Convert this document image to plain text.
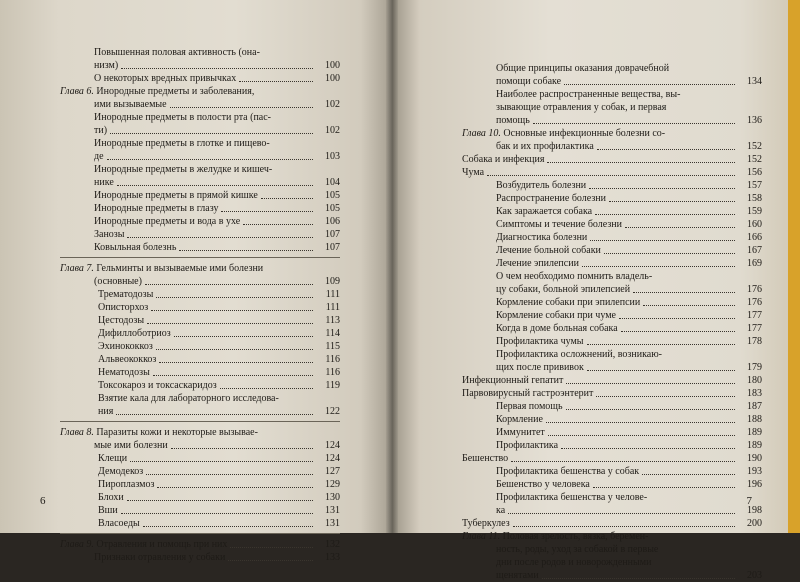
Повышенная половая активность (она-
низм)	100
О некоторых вредных привычках	100
Глава 6. Инородные предметы и заболевания,
ими вызываемые	102
Инородные предметы в полости рта (пас-
ти)	102
Инородные предметы в глотке и пищево-
де	103
Инородные предметы в желудке и кишеч-
нике	104
Инородные предметы в прямой кишке	105
Инородные предметы в глазу	105
Инородные предметы и вода в ухе	106
Занозы	107
Ковыльная болезнь	107
Глава 7. Гельминты и вызываемые ими болезни
(основные)	109
Трематодозы	111
Описторхоз	111
Цестодозы	113
Дифиллоботриоз	114
Эхинококкоз	115
Альвеококкоз	116
Нематодозы	116
Токсокароз и токсаскаридоз	119
Взятие кала для лабораторного исследова-
ния	122
Глава 8. Паразиты кожи и некоторые вызывае-
мые ими болезни	124
Клещи	124
Демодекоз	127
Пироплазмоз	129
Блохи	130
Вши	131
Власоеды	131
Глава 9. Отравления и помощь при них	132
Признаки отравления у собаки	133
6
Общие принципы оказания доврачебной
помощи собаке	134
Наиболее распространенные вещества, вы-
зывающие отравления у собак, и первая
помощь	136
Глава 10. Основные инфекционные болезни со-
бак и их профилактика	152
Собака и инфекция	152
Чума	156
Возбудитель болезни	157
Распространение болезни	158
Как заражается собака	159
Симптомы и течение болезни	160
Диагностика болезни	166
Лечение больной собаки	167
Лечение эпилепсии	169
О чем необходимо помнить владель-
цу собаки, больной эпилепсией	176
Кормление собаки при эпилепсии	176
Кормление собаки при чуме	177
Когда в доме больная собака	177
Профилактика чумы	178
Профилактика осложнений, возникаю-
щих после прививок	179
Инфекционный гепатит	180
Парвовирусный гастроэнтерит	183
Первая помощь	187
Кормление	188
Иммунитет	189
Профилактика	189
Бешенство	190
Профилактика бешенства у собак	193
Бешенство у человека	196
Профилактика бешенства у челове-
ка	198
Туберкулез	200
Глава 11. Половая зрелость, вязка, беремен-
ность, роды, уход за собакой в первые
дни после родов и новорожденными
щенятами	203
7
